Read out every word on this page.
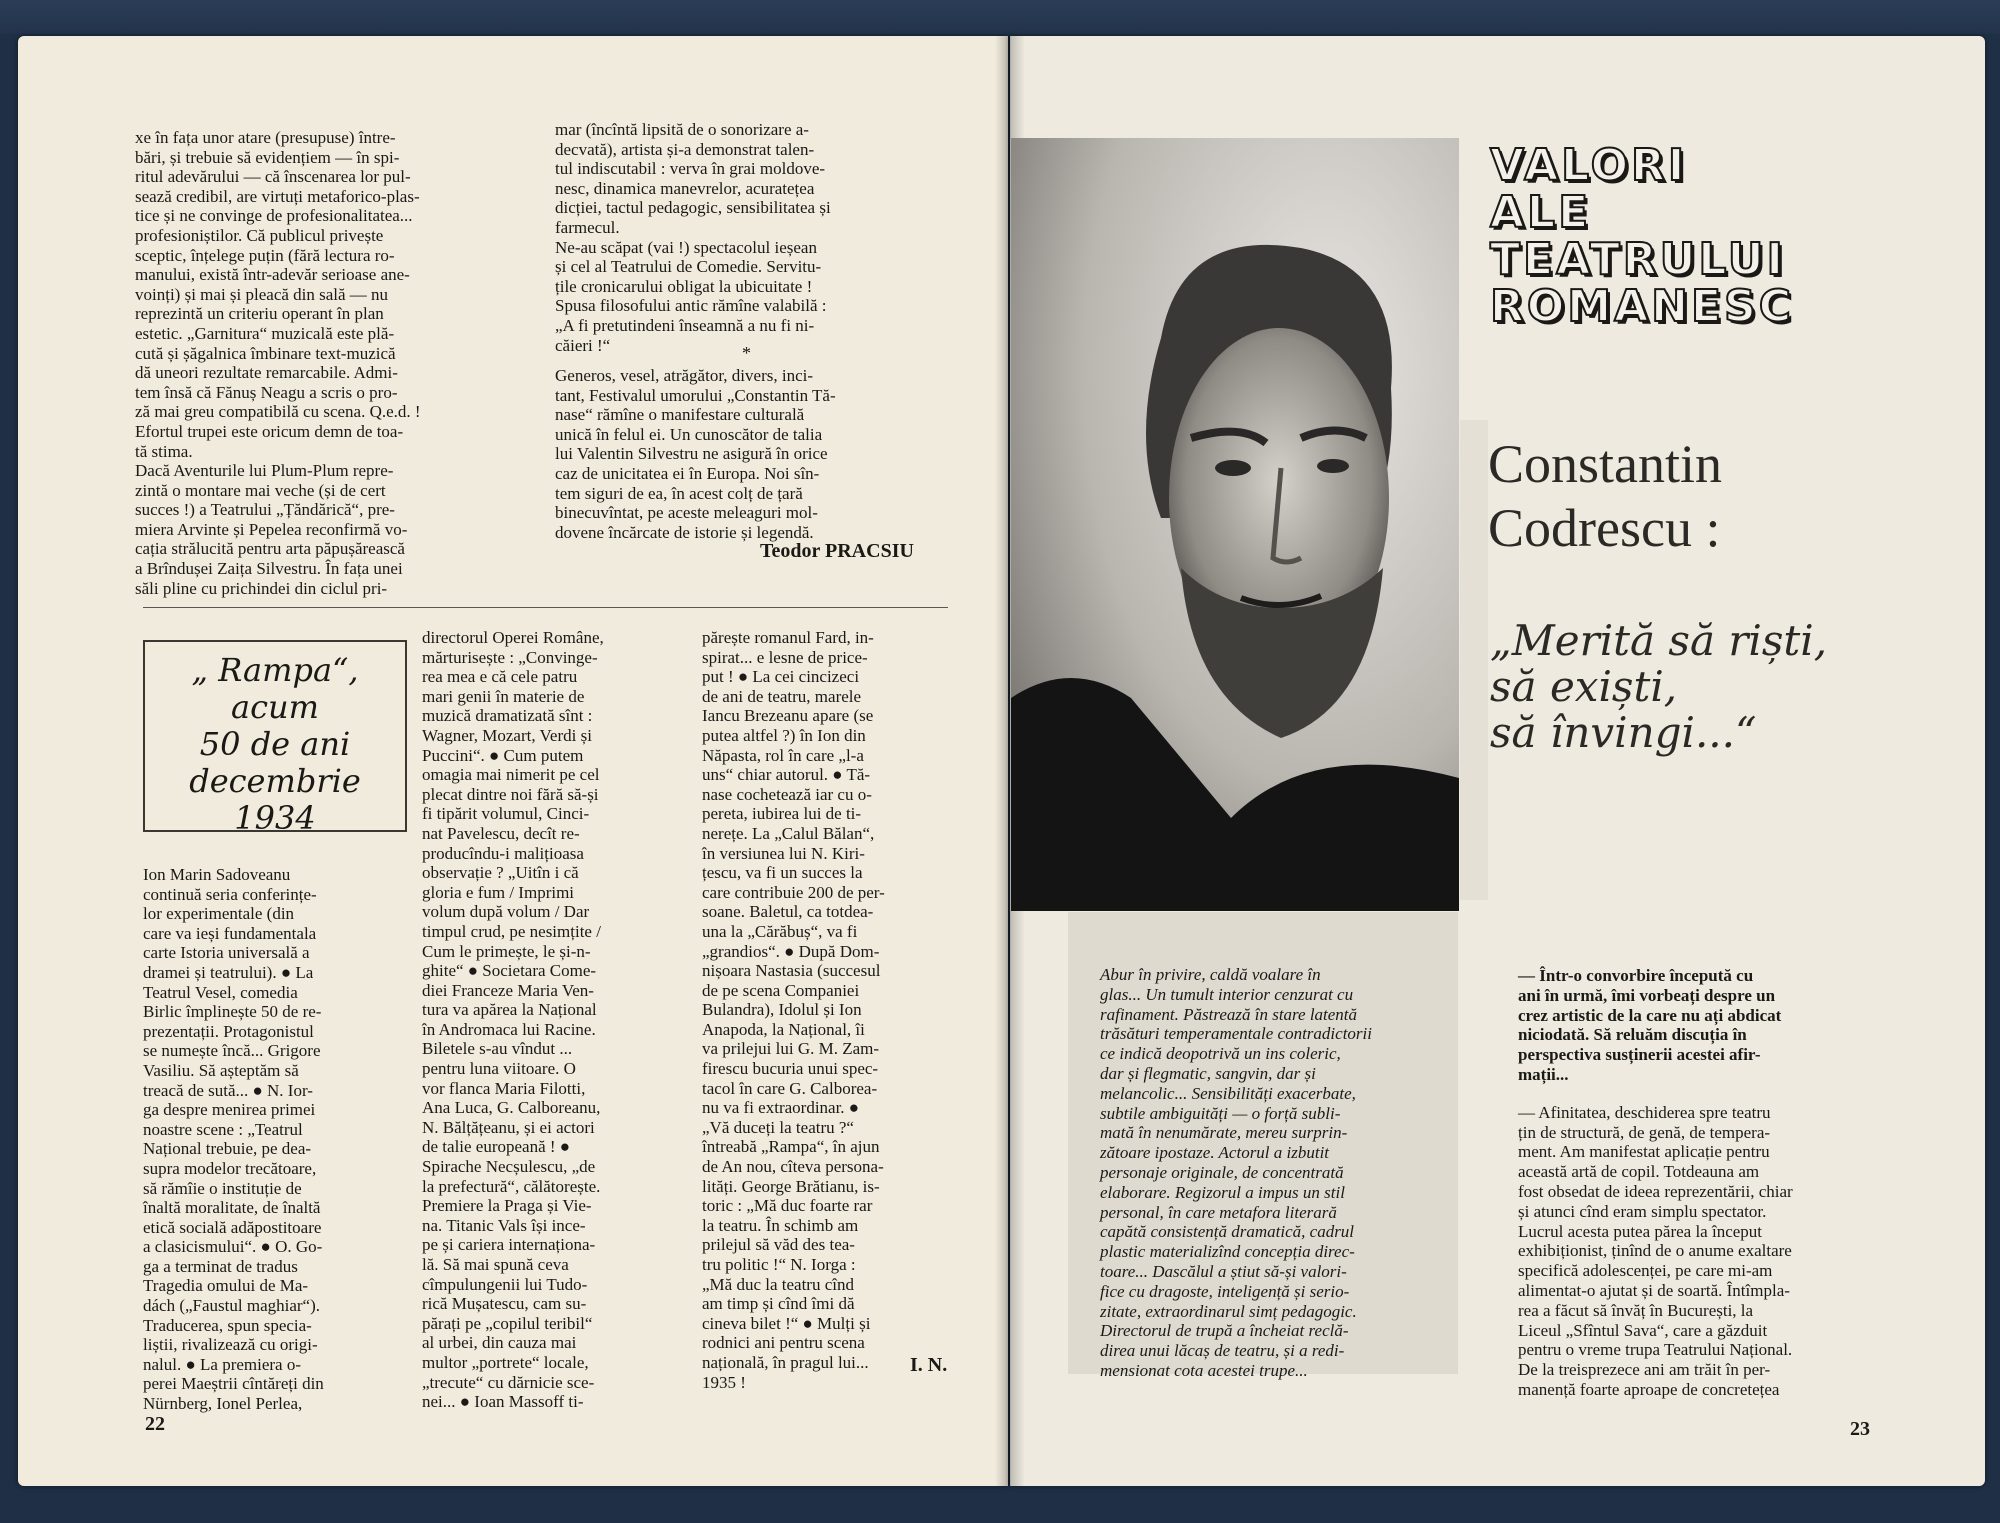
xe în fața unor atare (presupuse) între-
bări, și trebuie să evidențiem — în spi-
ritul adevărului — că înscenarea lor pul-
sează credibil, are virtuți metaforico-plas-
tice și ne convinge de profesionalitatea...
profesioniștilor. Că publicul privește
sceptic, înțelege puțin (fără lectura ro-
manului, există într-adevăr serioase ane-
voinți) și mai și pleacă din sală — nu
reprezintă un criteriu operant în plan
estetic. „Garnitura“ muzicală este plă-
cută și șăgalnica îmbinare text-muzică
dă uneori rezultate remarcabile. Admi-
tem însă că Fănuș Neagu a scris o pro-
ză mai greu compatibilă cu scena. Q.e.d. !
Efortul trupei este oricum demn de toa-
tă stima.
Dacă Aventurile lui Plum-Plum repre-
zintă o montare mai veche (și de cert
succes !) a Teatrului „Țăndărică“, pre-
miera Arvinte și Pepelea reconfirmă vo-
cația strălucită pentru arta păpușărească
a Brîndușei Zaița Silvestru. În fața unei
săli pline cu prichindei din ciclul pri-
mar (încîntă lipsită de o sonorizare a-
decvată), artista și-a demonstrat talen-
tul indiscutabil : verva în grai moldove-
nesc, dinamica manevrelor, acuratețea
dicției, tactul pedagogic, sensibilitatea și
farmecul.
Ne-au scăpat (vai !) spectacolul ieșean
și cel al Teatrului de Comedie. Servitu-
țile cronicarului obligat la ubicuitate !
Spusa filosofului antic rămîne valabilă :
„A fi pretutindeni înseamnă a nu fi ni-
căieri !“	*
Generos, vesel, atrăgător, divers, inci-
tant, Festivalul umorului „Constantin Tă-
nase“ rămîne o manifestare culturală
unică în felul ei. Un cunoscător de talia
lui Valentin Silvestru ne asigură în orice
caz de unicitatea ei în Europa. Noi sîn-
tem siguri de ea, în acest colț de țară
binecuvîntat, pe aceste meleaguri mol-
dovene încărcate de istorie și legendă.
Teodor PRACSIU
„ Rampa“,
acum
50 de ani
decembrie
1934
Ion Marin Sadoveanu
continuă seria conferințe-
lor experimentale (din
care va ieși fundamentala
carte Istoria universală a
dramei și teatrului). ● La
Teatrul Vesel, comedia
Birlic împlinește 50 de re-
prezentații. Protagonistul
se numește încă... Grigore
Vasiliu. Să așteptăm să
treacă de sută... ● N. Ior-
ga despre menirea primei
noastre scene : „Teatrul
Național trebuie, pe dea-
supra modelor trecătoare,
să rămîie o instituție de
înaltă moralitate, de înaltă
etică socială adăpostitoare
a clasicismului“. ● O. Go-
ga a terminat de tradus
Tragedia omului de Ma-
dách („Faustul maghiar“).
Traducerea, spun specia-
liștii, rivalizează cu origi-
nalul. ● La premiera o-
perei Maeștrii cîntăreți din
Nürnberg, Ionel Perlea,
directorul Operei Române,
mărturisește : „Convinge-
rea mea e că cele patru
mari genii în materie de
muzică dramatizată sînt :
Wagner, Mozart, Verdi și
Puccini“. ● Cum putem
omagia mai nimerit pe cel
plecat dintre noi fără să-și
fi tipărit volumul, Cinci-
nat Pavelescu, decît re-
producîndu-i malițioasa
observație ? „Uitîn i că
gloria e fum / Imprimi
volum după volum / Dar
timpul crud, pe nesimțite /
Cum le primește, le și-n-
ghite“ ● Societara Come-
diei Franceze Maria Ven-
tura va apărea la Național
în Andromaca lui Racine.
Biletele s-au vîndut ...
pentru luna viitoare. O
vor flanca Maria Filotti,
Ana Luca, G. Calboreanu,
N. Bălțățeanu, și ei actori
de talie europeană ! ●
Spirache Necșulescu, „de
la prefectură“, călătorește.
Premiere la Praga și Vie-
na. Titanic Vals își ince-
pe și cariera internaționa-
lă. Să mai spună ceva
cîmpulungenii lui Tudo-
rică Mușatescu, cam su-
părați pe „copilul teribil“
al urbei, din cauza mai
multor „portrete“ locale,
„trecute“ cu dărnicie sce-
nei... ● Ioan Massoff ti-
părește romanul Fard, in-
spirat... e lesne de price-
put ! ● La cei cincizeci
de ani de teatru, marele
Iancu Brezeanu apare (se
putea altfel ?) în Ion din
Năpasta, rol în care „l-a
uns“ chiar autorul. ● Tă-
nase cochetează iar cu o-
pereta, iubirea lui de ti-
nerețe. La „Calul Bălan“,
în versiunea lui N. Kiri-
țescu, va fi un succes la
care contribuie 200 de per-
soane. Baletul, ca totdea-
una la „Cărăbuș“, va fi
„grandios“. ● După Dom-
nișoara Nastasia (succesul
de pe scena Companiei
Bulandra), Idolul și Ion
Anapoda, la Național, îi
va prilejui lui G. M. Zam-
firescu bucuria unui spec-
tacol în care G. Calborea-
nu va fi extraordinar. ●
„Vă duceți la teatru ?“
întreabă „Rampa“, în ajun
de An nou, cîteva persona-
lități. George Brătianu, is-
toric : „Mă duc foarte rar
la teatru. În schimb am
prilejul să văd des tea-
tru politic !“ N. Iorga :
„Mă duc la teatru cînd
am timp și cînd îmi dă
cineva bilet !“ ● Mulți și
rodnici ani pentru scena
națională, în pragul lui...
1935 !
I. N.
22
VALORI
ALE
TEATRULUI
ROMANESC
Constantin
Codrescu :
„Merită să riști,
să exiști,
să învingi...“
Abur în privire, caldă voalare în
glas... Un tumult interior cenzurat cu
rafinament. Păstrează în stare latentă
trăsături temperamentale contradictorii
ce indică deopotrivă un ins coleric,
dar și flegmatic, sangvin, dar și
melancolic... Sensibilități exacerbate,
subtile ambiguități — o forță subli-
mată în nenumărate, mereu surprin-
zătoare ipostaze. Actorul a izbutit
personaje originale, de concentrată
elaborare. Regizorul a impus un stil
personal, în care metafora literară
capătă consistență dramatică, cadrul
plastic materializînd concepția direc-
toare... Dascălul a știut să-și valori-
fice cu dragoste, inteligență și serio-
zitate, extraordinarul simț pedagogic.
Directorul de trupă a încheiat reclă-
direa unui lăcaș de teatru, și a redi-
mensionat cota acestei trupe...

— Într-o convorbire începută cu
ani în urmă, îmi vorbeați despre un
crez artistic de la care nu ați abdicat
niciodată. Să reluăm discuția în
perspectiva susținerii acestei afir-
mații...

— Afinitatea, deschiderea spre teatru
țin de structură, de genă, de tempera-
ment. Am manifestat aplicație pentru
această artă de copil. Totdeauna am
fost obsedat de ideea reprezentării, chiar
și atunci cînd eram simplu spectator.
Lucrul acesta putea părea la început
exhibiționist, ținînd de o anume exaltare
specifică adolescenței, pe care mi-am
alimentat-o ajutat și de soartă. Întîmpla-
rea a făcut să învăț în București, la
Liceul „Sfîntul Sava“, care a găzduit
pentru o vreme trupa Teatrului Național.
De la treisprezece ani am trăit în per-
manență foarte aproape de concretețea

23
